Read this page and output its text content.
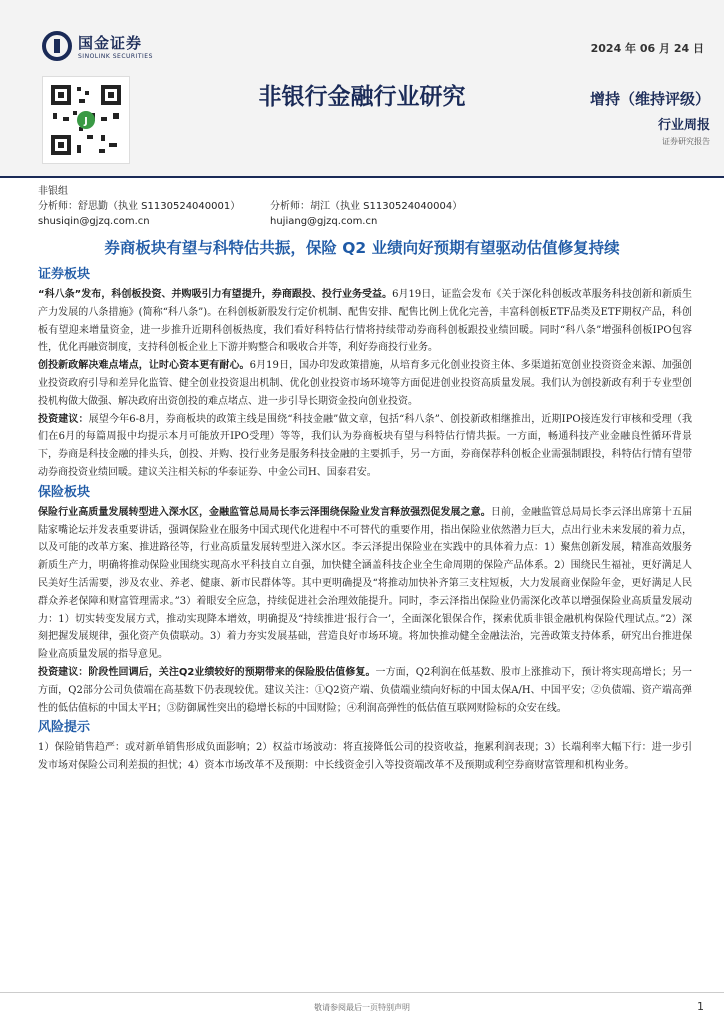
国金证券
SINOLINK SECURITIES
J
2024 年 06 月 24 日
非银行金融行业研究	增持（维持评级）
行业周报
证券研究报告
非银组
分析师：舒思勤（执业 S1130524040001）	分析师：胡江（执业 S1130524040004）
shusiqin@gjzq.com.cn	hujiang@gjzq.com.cn
券商板块有望与科特估共振，保险 Q2 业绩向好预期有望驱动估值修复持续
证券板块

“科八条”发布，科创板投资、并购吸引力有望提升，券商跟投、投行业务受益。6月19日，证监会发布《关于深化科创板改革服务科技创新和新质生产力发展的八条措施》(简称“科八条”)。在科创板新股发行定价机制、配售安排、配售比例上优化完善，丰富科创板ETF品类及ETF期权产品，科创板有望迎来增量资金，进一步推升近期科创板热度，我们看好科特估行情将持续带动券商科创板跟投业绩回暖。同时“科八条”增强科创板IPO包容性，优化再融资制度，支持科创板企业上下游并购整合和吸收合并等，利好券商投行业务。

创投新政解决难点堵点，让时心资本更有耐心。6月19日，国办印发政策措施，从培育多元化创业投资主体、多渠道拓宽创业投资资金来源、加强创业投资政府引导和差异化监管、健全创业投资退出机制、优化创业投资市场环境等方面促进创业投资高质量发展。我们认为创投新政有利于专业型创投机构做大做强、解决政府出资创投的难点堵点、进一步引导长期资金投向创业投资。

投资建议：展望今年6-8月，券商板块的政策主线是围绕“科技金融”做文章，包括“科八条”、创投新政相继推出，近期IPO接连发行审核和受理（我们在6月的每篇周报中均提示本月可能放开IPO受理）等等，我们认为券商板块有望与科特估行情共振。一方面，畅通科技产业金融良性循环背景下，券商是科技金融的排头兵，创投、并购、投行业务是服务科技金融的主要抓手，另一方面，券商保荐科创板企业需强制跟投，科特估行情有望带动券商投资业绩回暖。建议关注相关标的华泰证券、中金公司H、国泰君安。

保险板块

保险行业高质量发展转型进入深水区，金融监管总局局长李云泽围绕保险业发言释放强烈促发展之意。日前，金融监管总局局长李云泽出席第十五届陆家嘴论坛并发表重要讲话，强调保险业在服务中国式现代化进程中不可替代的重要作用，指出保险业依然潜力巨大，点出行业未来发展的着力点，以及可能的改革方案、推进路径等，行业高质量发展转型进入深水区。李云泽提出保险业在实践中的具体着力点：1）聚焦创新发展，精准高效服务新质生产力，明确将推动保险业围绕实现高水平科技自立自强，加快健全涵盖科技企业全生命周期的保险产品体系。2）围绕民生福祉，更好满足人民美好生活需要，涉及农业、养老、健康、新市民群体等。其中更明确提及“将推动加快补齐第三支柱短板，大力发展商业保险年金，更好满足人民群众养老保障和财富管理需求。”3）着眼安全应急，持续促进社会治理效能提升。同时，李云泽指出保险业仍需深化改革以增强保险业高质量发展动力：1）切实转变发展方式，推动实现降本增效，明确提及“持续推进‘报行合一’，全面深化银保合作，探索优质非银金融机构保险代理试点。”2）深刻把握发展规律，强化资产负债联动。3）着力夯实发展基础，营造良好市场环境。将加快推动健全金融法治，完善政策支持体系，研究出台推进保险业高质量发展的指导意见。

投资建议：阶段性回调后，关注Q2业绩较好的预期带来的保险股估值修复。一方面，Q2利润在低基数、股市上涨推动下，预计将实现高增长；另一方面，Q2部分公司负债端在高基数下仍表现较优。建议关注：①Q2资产端、负债端业绩向好标的中国太保A/H、中国平安；②负债端、资产端高弹性的低估值标的中国太平H；③防御属性突出的稳增长标的中国财险；④利润高弹性的低估值互联网财险标的众安在线。

风险提示

1）保险销售趋严：或对新单销售形成负面影响；2）权益市场波动：将直接降低公司的投资收益，拖累利润表现；3）长端利率大幅下行：进一步引发市场对保险公司利差损的担忧；4）资本市场改革不及预期：中长线资金引入等投资端改革不及预期或利空券商财富管理和机构业务。

敬请参阅最后一页特别声明	1
